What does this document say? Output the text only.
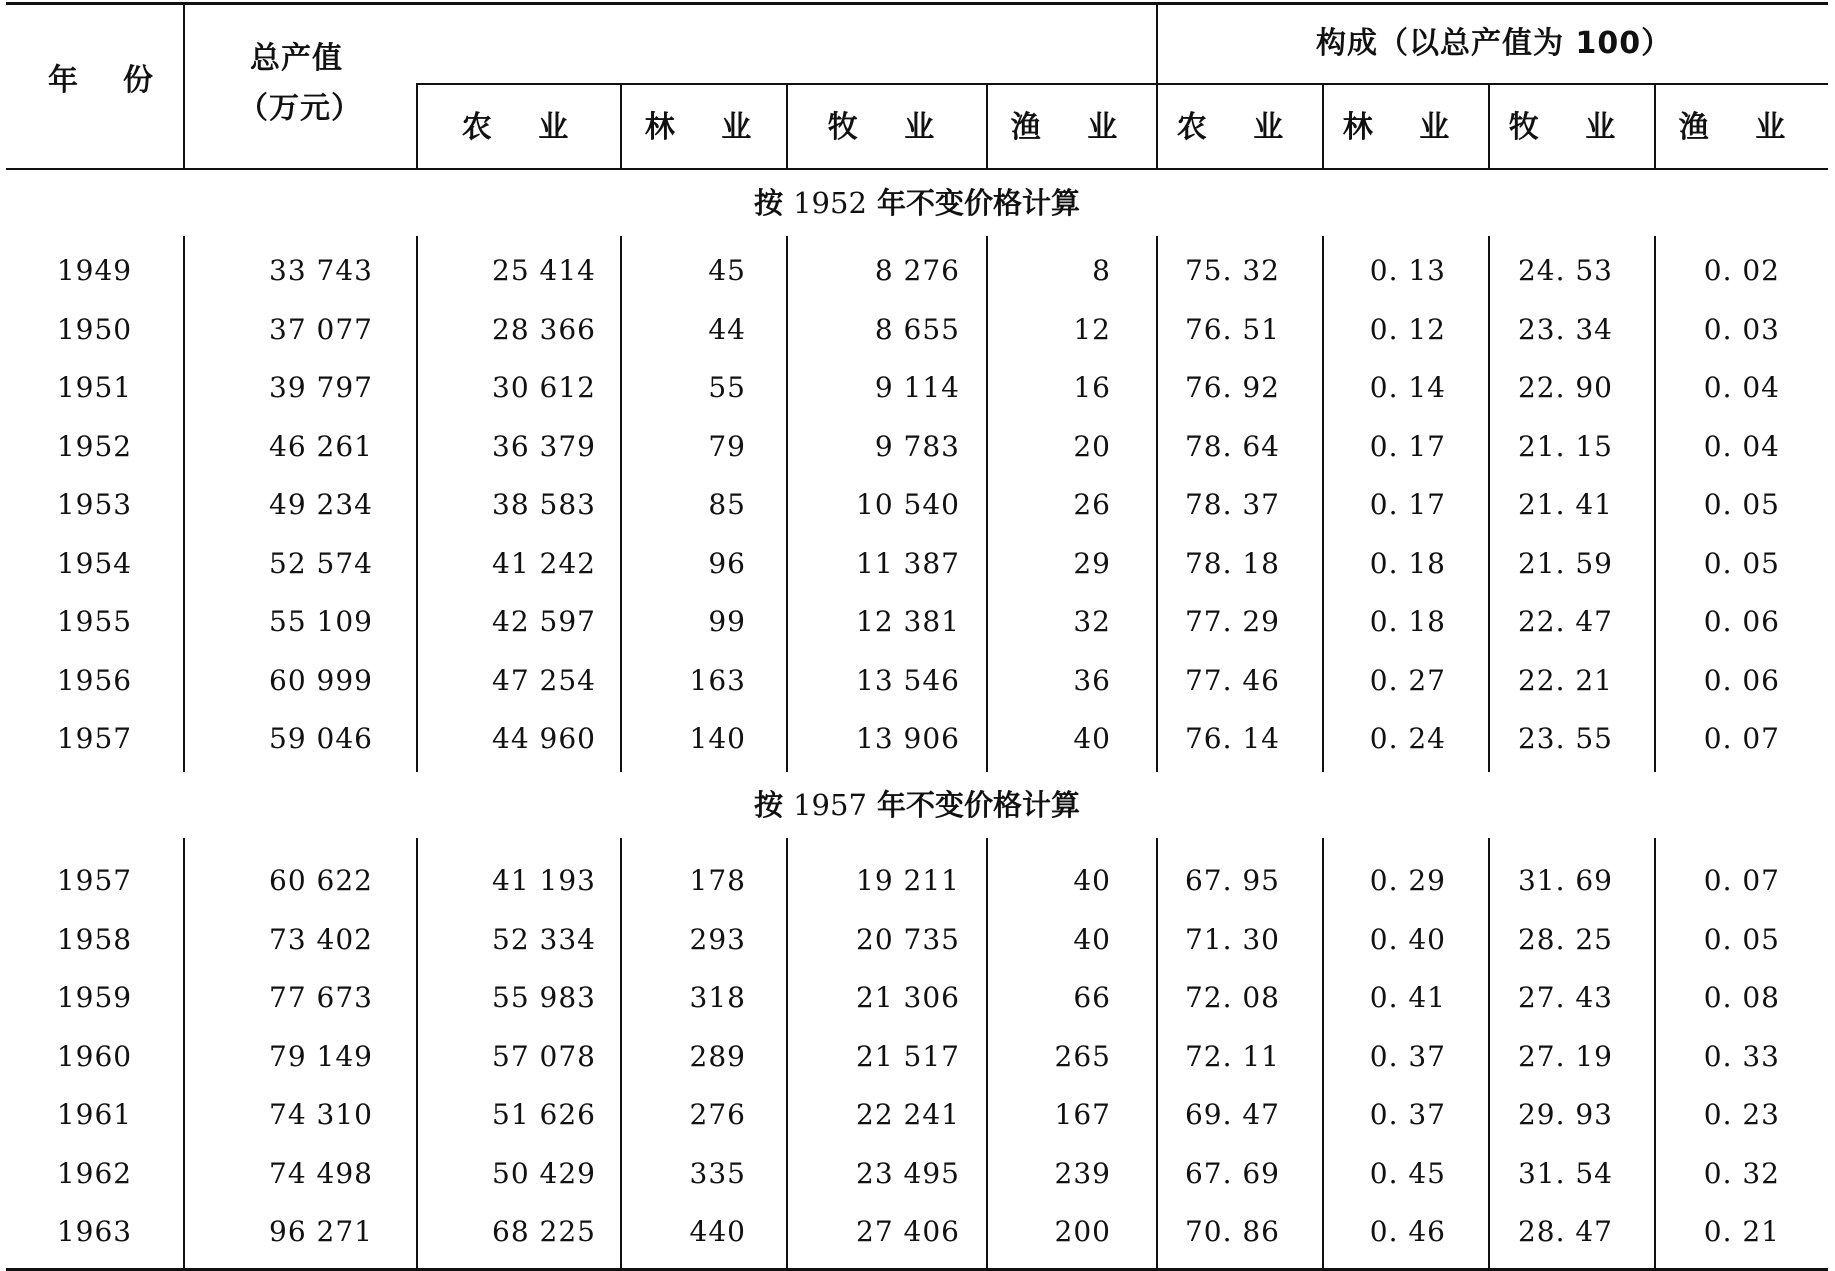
年  份
总产值
（万元）
构成（以总产值为 100）
农 业	林 业	牧 业	渔 业	农 业	林 业	牧 业	渔 业
按 1952 年不变价格计算
1949	33 743	25 414	45	8 276	8	75. 32	0. 13	24. 53	0. 02
1950	37 077	28 366	44	8 655	12	76. 51	0. 12	23. 34	0. 03
1951	39 797	30 612	55	9 114	16	76. 92	0. 14	22. 90	0. 04
1952	46 261	36 379	79	9 783	20	78. 64	0. 17	21. 15	0. 04
1953	49 234	38 583	85	10 540	26	78. 37	0. 17	21. 41	0. 05
1954	52 574	41 242	96	11 387	29	78. 18	0. 18	21. 59	0. 05
1955	55 109	42 597	99	12 381	32	77. 29	0. 18	22. 47	0. 06
1956	60 999	47 254	163	13 546	36	77. 46	0. 27	22. 21	0. 06
1957	59 046	44 960	140	13 906	40	76. 14	0. 24	23. 55	0. 07
按 1957 年不变价格计算
1957	60 622	41 193	178	19 211	40	67. 95	0. 29	31. 69	0. 07
1958	73 402	52 334	293	20 735	40	71. 30	0. 40	28. 25	0. 05
1959	77 673	55 983	318	21 306	66	72. 08	0. 41	27. 43	0. 08
1960	79 149	57 078	289	21 517	265	72. 11	0. 37	27. 19	0. 33
1961	74 310	51 626	276	22 241	167	69. 47	0. 37	29. 93	0. 23
1962	74 498	50 429	335	23 495	239	67. 69	0. 45	31. 54	0. 32
1963	96 271	68 225	440	27 406	200	70. 86	0. 46	28. 47	0. 21
